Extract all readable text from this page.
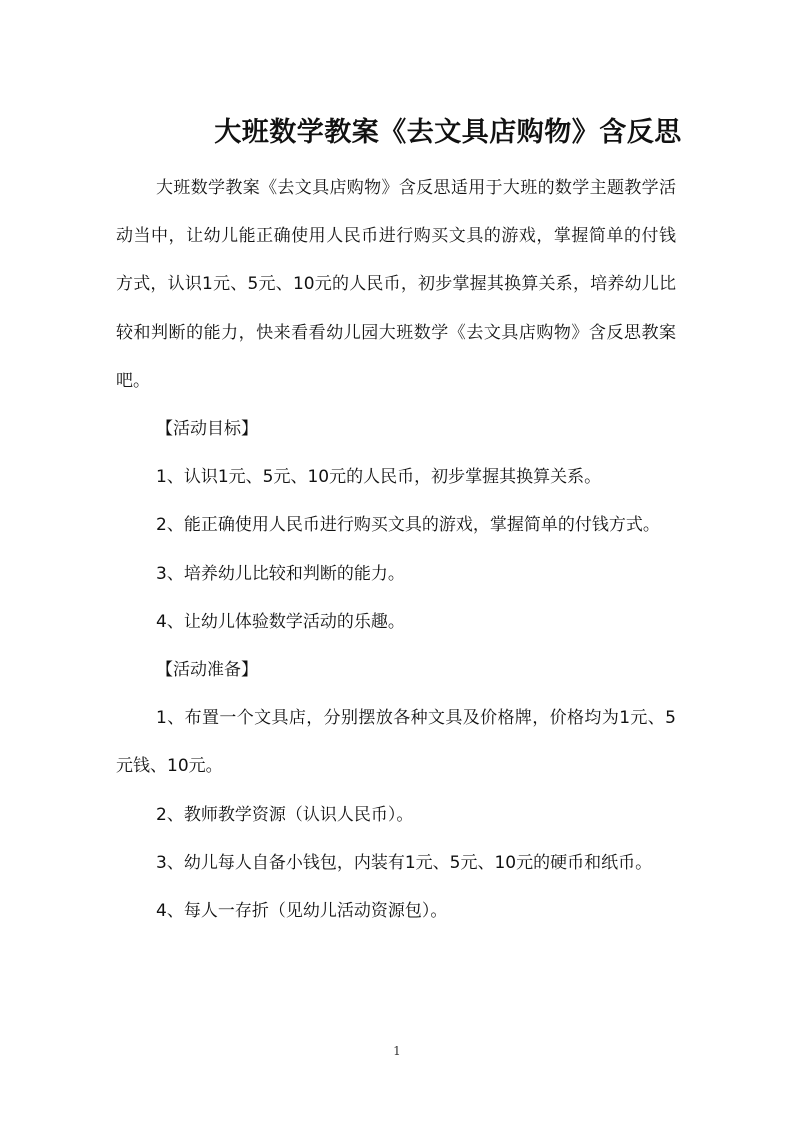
大班数学教案《去文具店购物》含反思

大班数学教案《去文具店购物》含反思适用于大班的数学主题教学活动当中，让幼儿能正确使用人民币进行购买文具的游戏，掌握简单的付钱方式，认识1元、5元、10元的人民币，初步掌握其换算关系，培养幼儿比较和判断的能力，快来看看幼儿园大班数学《去文具店购物》含反思教案吧。

【活动目标】

1、认识1元、5元、10元的人民币，初步掌握其换算关系。

2、能正确使用人民币进行购买文具的游戏，掌握简单的付钱方式。

3、培养幼儿比较和判断的能力。

4、让幼儿体验数学活动的乐趣。

【活动准备】

1、布置一个文具店，分别摆放各种文具及价格牌，价格均为1元、5元钱、10元。

2、教师教学资源（认识人民币）。

3、幼儿每人自备小钱包，内装有1元、5元、10元的硬币和纸币。

4、每人一存折（见幼儿活动资源包）。

1
